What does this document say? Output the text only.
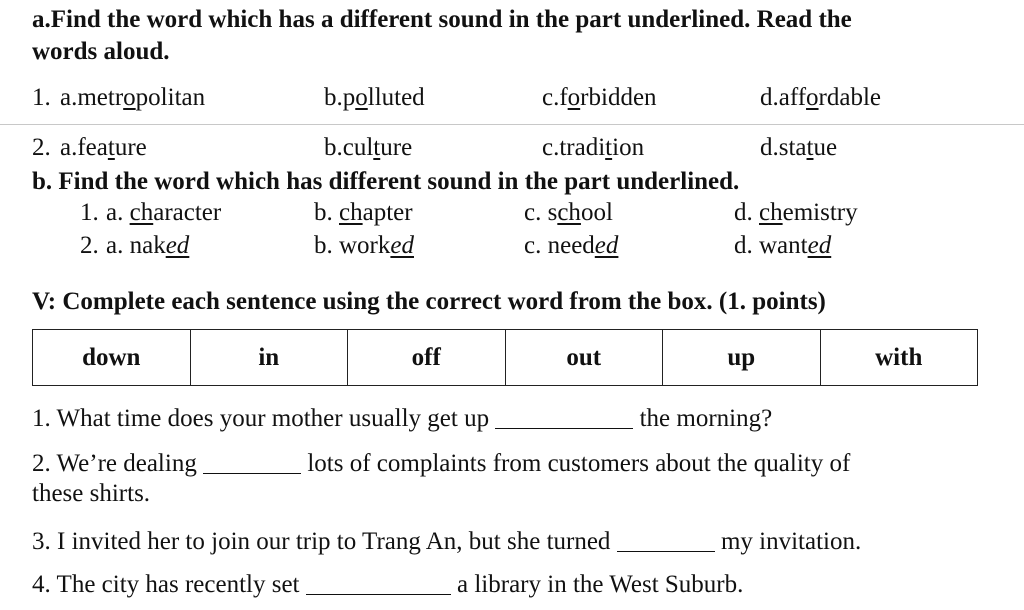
a.Find the word which has a different sound in the part underlined. Read the
words aloud.
1. a.metropolitan	b.polluted	c.forbidden	d.affordable
2. a.feature	b.culture	c.tradition	d.statue
b. Find the word which has different sound in the part underlined.
1. a. character	b. chapter	c. school	d. chemistry
2. a. naked	b. worked	c. needed	d. wanted
V: Complete each sentence using the correct word from the box. (1. points)
down	in	off	out	up	with
1. What time does your mother usually get up	the morning?
2. We’re dealing	lots of complaints from customers about the quality of
these shirts.
3. I invited her to join our trip to Trang An, but she turned	my invitation.
4. The city has recently set	a library in the West Suburb.
